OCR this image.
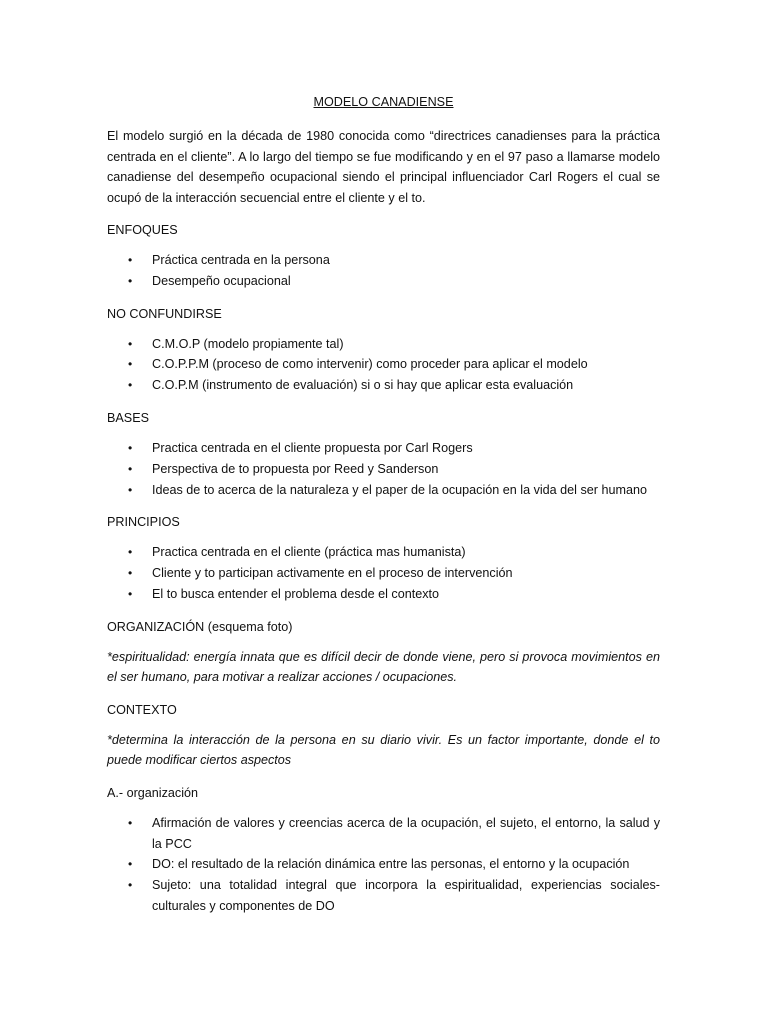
MODELO CANADIENSE

El modelo surgió en la década de 1980 conocida como “directrices canadienses para la práctica centrada en el cliente”. A lo largo del tiempo se fue modificando y en el 97 paso a llamarse modelo canadiense del desempeño ocupacional siendo el principal influenciador Carl Rogers el cual se ocupó de la interacción secuencial entre el cliente y el to.

ENFOQUES
• Práctica centrada en la persona
• Desempeño ocupacional
NO CONFUNDIRSE
• C.M.O.P (modelo propiamente tal)
• C.O.P.P.M (proceso de como intervenir) como proceder para aplicar el modelo
• C.O.P.M (instrumento de evaluación) si o si hay que aplicar esta evaluación
BASES
• Practica centrada en el cliente propuesta por Carl Rogers
• Perspectiva de to propuesta por Reed y Sanderson
• Ideas de to acerca de la naturaleza y el paper de la ocupación en la vida del ser humano
PRINCIPIOS
• Practica centrada en el cliente (práctica mas humanista)
• Cliente y to participan activamente en el proceso de intervención
• El to busca entender el problema desde el contexto
ORGANIZACIÓN (esquema foto)

*espiritualidad: energía innata que es difícil decir de donde viene, pero si provoca movimientos en el ser humano, para motivar a realizar acciones / ocupaciones.

CONTEXTO

*determina la interacción de la persona en su diario vivir. Es un factor importante, donde el to puede modificar ciertos aspectos

A.- organización
• Afirmación de valores y creencias acerca de la ocupación, el sujeto, el entorno, la salud y la PCC
• DO: el resultado de la relación dinámica entre las personas, el entorno y la ocupación
• Sujeto: una totalidad integral que incorpora la espiritualidad, experiencias sociales-culturales y componentes de DO
